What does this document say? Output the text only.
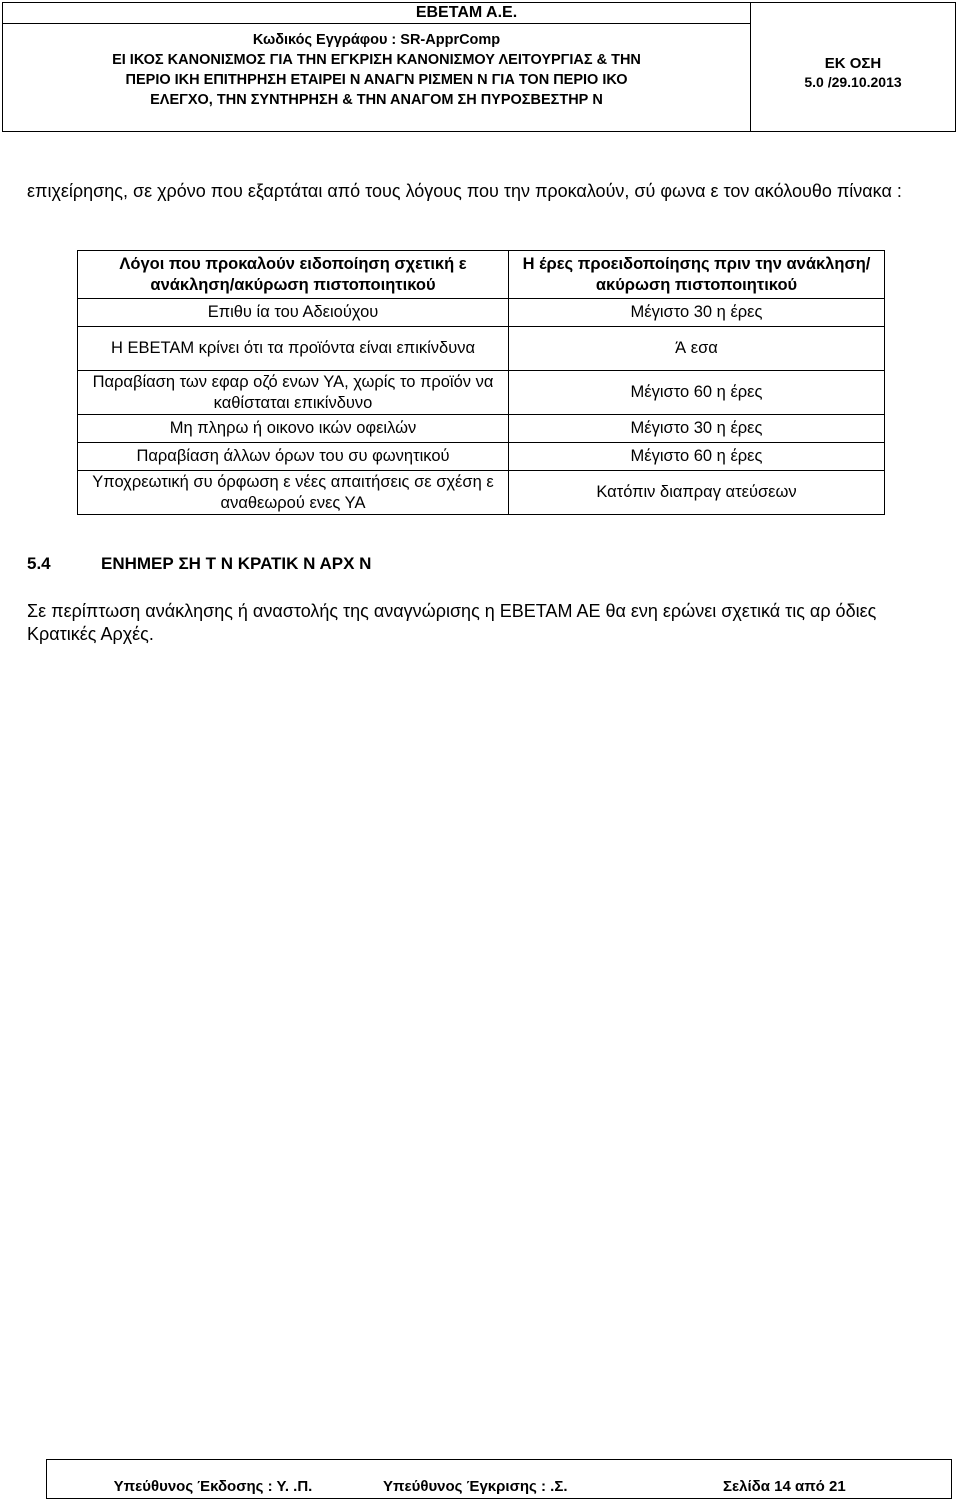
ΕΒΕΤΑΜ Α.Ε.
Κωδικός Εγγράφου : SR-ApprComp
ΕΙ ΙΚΟΣ ΚΑΝΟΝΙΣΜΟΣ ΓΙΑ ΤΗΝ ΕΓΚΡΙΣΗ ΚΑΝΟΝΙΣΜΟΥ ΛΕΙΤΟΥΡΓΙΑΣ & ΤΗΝ
ΠΕΡΙΟ ΙΚΗ ΕΠΙΤΗΡΗΣΗ ΕΤΑΙΡΕΙ Ν ΑΝΑΓΝ ΡΙΣΜΕΝ Ν ΓΙΑ ΤΟΝ ΠΕΡΙΟ ΙΚΟ
ΕΛΕΓΧΟ, ΤΗΝ ΣΥΝΤΗΡΗΣΗ & ΤΗΝ ΑΝΑΓΟΜ ΣΗ ΠΥΡΟΣΒΕΣΤΗΡ Ν
ΕΚ ΟΣΗ
5.0 /29.10.2013
επιχείρησης, σε χρόνο που εξαρτάται από τους λόγους που την προκαλούν, σύ φωνα ε τον ακόλουθο πίνακα :
Λόγοι που προκαλούν ειδοποίηση σχετική ε ανάκληση/ακύρωση πιστοποιητικού	Η έρες προειδοποίησης πριν την ανάκληση/ακύρωση πιστοποιητικού
Επιθυ ία του Αδειούχου	Μέγιστο 30 η έρες
Η ΕΒΕΤΑΜ κρίνει ότι τα προϊόντα είναι επικίνδυνα	Ά εσα
Παραβίαση των εφαρ οζό ενων ΥΑ, χωρίς το προϊόν να καθίσταται επικίνδυνο	Μέγιστο 60 η έρες
Μη πληρω ή οικονο ικών οφειλών	Μέγιστο 30 η έρες
Παραβίαση άλλων όρων του συ φωνητικού	Μέγιστο 60 η έρες
Υποχρεωτική συ όρφωση ε νέες απαιτήσεις σε σχέση ε αναθεωρού ενες ΥΑ	Κατόπιν διαπραγ ατεύσεων
5.4	ΕΝΗΜΕΡ ΣΗ Τ Ν ΚΡΑΤΙΚ Ν ΑΡΧ Ν
Σε περίπτωση ανάκλησης ή αναστολής της αναγνώρισης η ΕΒΕΤΑΜ ΑΕ θα ενη ερώνει σχετικά τις αρ όδιες Κρατικές Αρχές.
Υπεύθυνος Έκδοσης : Υ. .Π.	Υπεύθυνος Έγκρισης : .Σ.	Σελίδα 14 από 21
